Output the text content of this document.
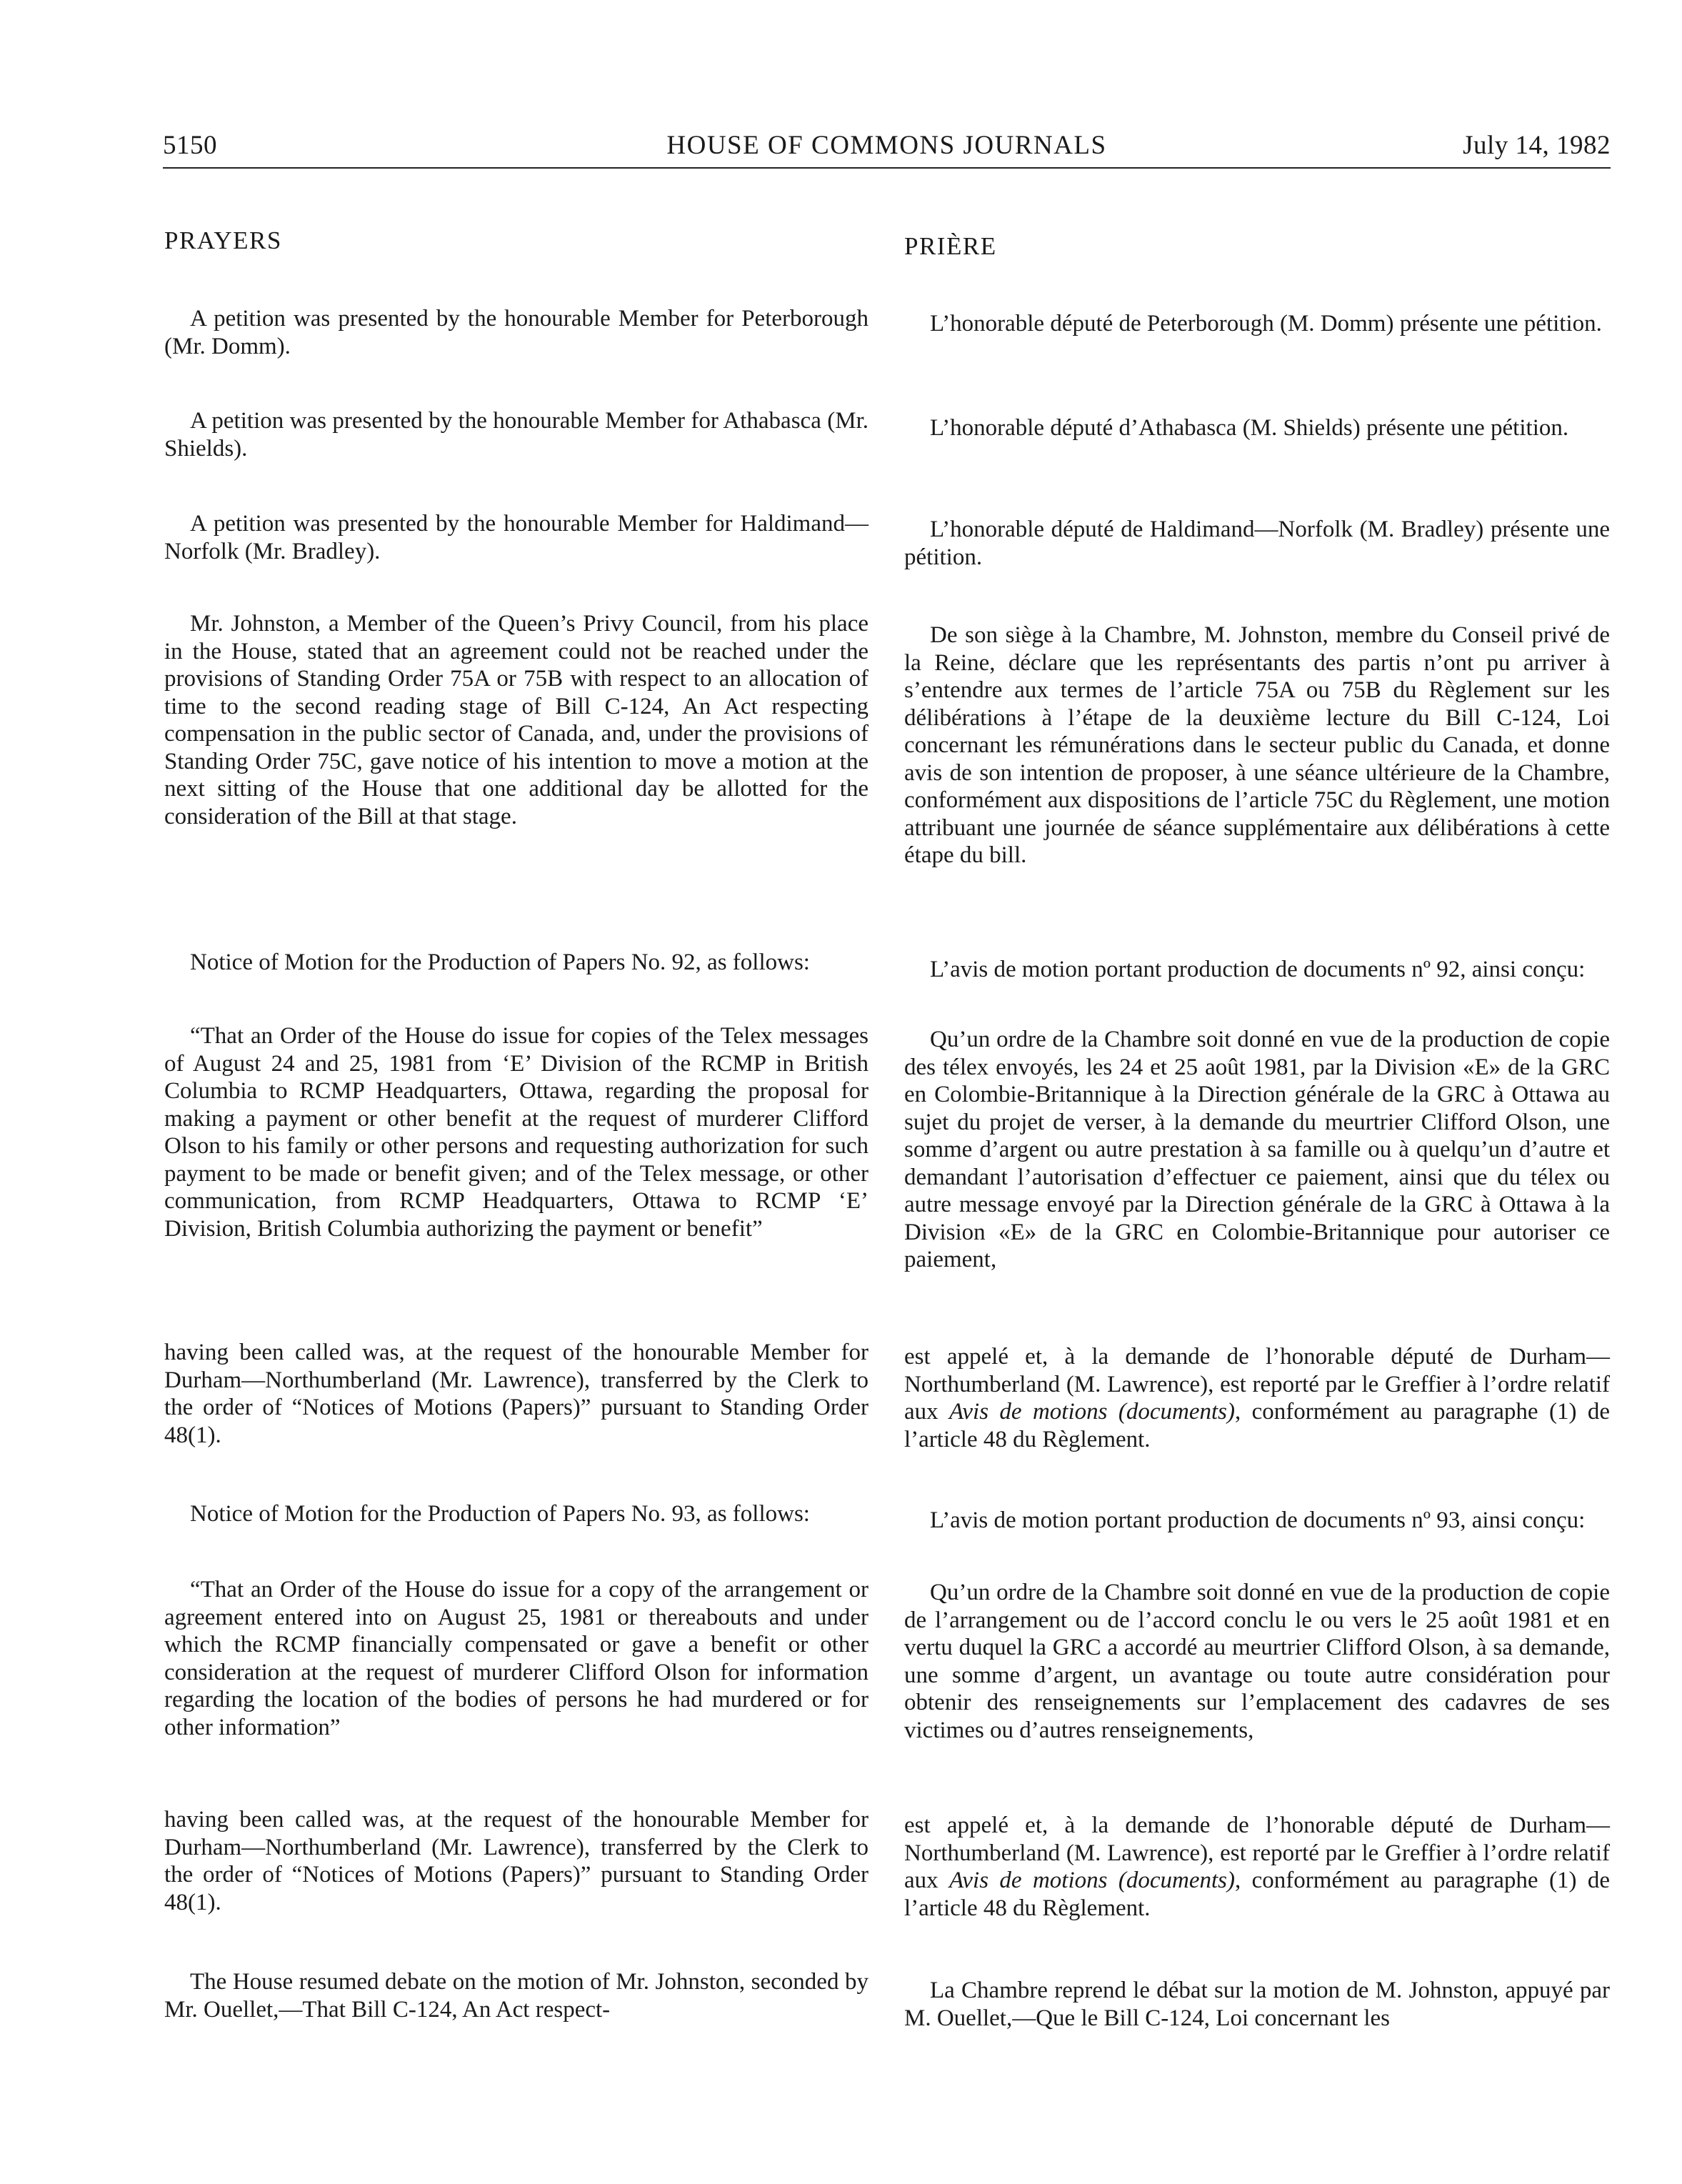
5150	HOUSE OF COMMONS JOURNALS	July 14, 1982

PRAYERS

A petition was presented by the honourable Member for Peterborough (Mr. Domm).

A petition was presented by the honourable Member for Athabasca (Mr. Shields).

A petition was presented by the honourable Member for Haldimand—Norfolk (Mr. Bradley).

Mr. Johnston, a Member of the Queen’s Privy Council, from his place in the House, stated that an agreement could not be reached under the provisions of Standing Order 75A or 75B with respect to an allocation of time to the second reading stage of Bill C-124, An Act respecting compensation in the public sector of Canada, and, under the provisions of Standing Order 75C, gave notice of his intention to move a motion at the next sitting of the House that one additional day be allotted for the consideration of the Bill at that stage.

Notice of Motion for the Production of Papers No. 92, as follows:

“That an Order of the House do issue for copies of the Telex messages of August 24 and 25, 1981 from ‘E’ Division of the RCMP in British Columbia to RCMP Headquarters, Ottawa, regarding the proposal for making a payment or other benefit at the request of murderer Clifford Olson to his family or other persons and requesting authorization for such payment to be made or benefit given; and of the Telex message, or other communication, from RCMP Headquarters, Ottawa to RCMP ‘E’ Division, British Columbia authorizing the payment or benefit”

having been called was, at the request of the honourable Member for Durham—Northumberland (Mr. Lawrence), transferred by the Clerk to the order of “Notices of Motions (Papers)” pursuant to Standing Order 48(1).

Notice of Motion for the Production of Papers No. 93, as follows:

“That an Order of the House do issue for a copy of the arrangement or agreement entered into on August 25, 1981 or thereabouts and under which the RCMP financially compensated or gave a benefit or other consideration at the request of murderer Clifford Olson for information regarding the location of the bodies of persons he had murdered or for other information”

having been called was, at the request of the honourable Member for Durham—Northumberland (Mr. Lawrence), transferred by the Clerk to the order of “Notices of Motions (Papers)” pursuant to Standing Order 48(1).

The House resumed debate on the motion of Mr. Johnston, seconded by Mr. Ouellet,—That Bill C-124, An Act respect-

PRIÈRE

L’honorable député de Peterborough (M. Domm) présente une pétition.

L’honorable député d’Athabasca (M. Shields) présente une pétition.

L’honorable député de Haldimand—Norfolk (M. Bradley) présente une pétition.

De son siège à la Chambre, M. Johnston, membre du Conseil privé de la Reine, déclare que les représentants des partis n’ont pu arriver à s’entendre aux termes de l’article 75A ou 75B du Règlement sur les délibérations à l’étape de la deuxième lecture du Bill C-124, Loi concernant les rémunérations dans le secteur public du Canada, et donne avis de son intention de proposer, à une séance ultérieure de la Chambre, conformément aux dispositions de l’article 75C du Règlement, une motion attribuant une journée de séance supplémentaire aux délibérations à cette étape du bill.

L’avis de motion portant production de documents nº 92, ainsi conçu:

Qu’un ordre de la Chambre soit donné en vue de la production de copie des télex envoyés, les 24 et 25 août 1981, par la Division «E» de la GRC en Colombie-Britannique à la Direction générale de la GRC à Ottawa au sujet du projet de verser, à la demande du meurtrier Clifford Olson, une somme d’argent ou autre prestation à sa famille ou à quelqu’un d’autre et demandant l’autorisation d’effectuer ce paiement, ainsi que du télex ou autre message envoyé par la Direction générale de la GRC à Ottawa à la Division «E» de la GRC en Colombie-Britannique pour autoriser ce paiement,

est appelé et, à la demande de l’honorable député de Durham—Northumberland (M. Lawrence), est reporté par le Greffier à l’ordre relatif aux Avis de motions (documents), conformément au paragraphe (1) de l’article 48 du Règlement.

L’avis de motion portant production de documents nº 93, ainsi conçu:

Qu’un ordre de la Chambre soit donné en vue de la production de copie de l’arrangement ou de l’accord conclu le ou vers le 25 août 1981 et en vertu duquel la GRC a accordé au meurtrier Clifford Olson, à sa demande, une somme d’argent, un avantage ou toute autre considération pour obtenir des renseignements sur l’emplacement des cadavres de ses victimes ou d’autres renseignements,

est appelé et, à la demande de l’honorable député de Durham—Northumberland (M. Lawrence), est reporté par le Greffier à l’ordre relatif aux Avis de motions (documents), conformément au paragraphe (1) de l’article 48 du Règlement.

La Chambre reprend le débat sur la motion de M. Johnston, appuyé par M. Ouellet,—Que le Bill C-124, Loi concernant les
